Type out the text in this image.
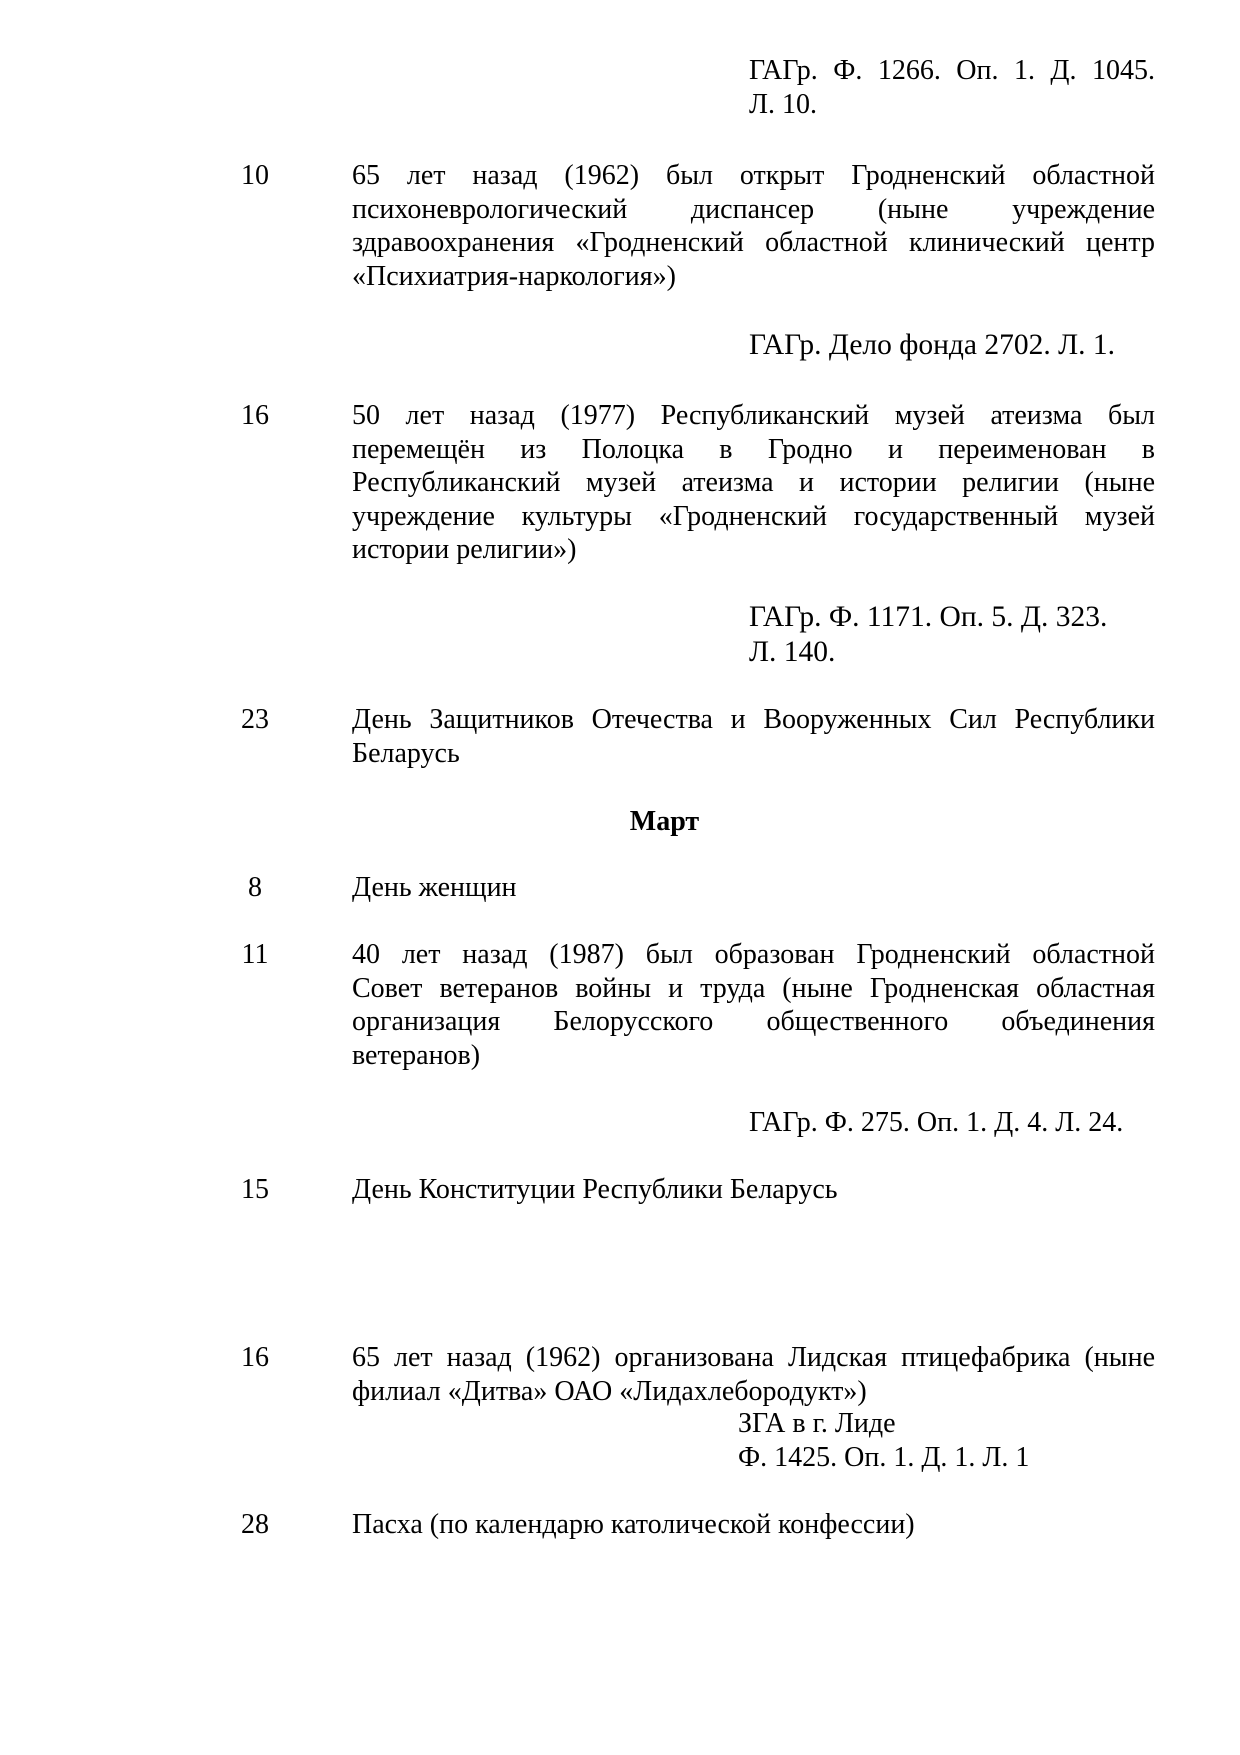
ГАГр. Ф. 1266. Оп. 1. Д. 1045.
Л. 10.
10	65 лет назад (1962) был открыт Гродненский областной
психоневрологический диспансер (ныне учреждение
здравоохранения «Гродненский областной клинический центр
«Психиатрия-наркология»)
ГАГр. Дело фонда 2702. Л. 1.
16	50 лет назад (1977) Республиканский музей атеизма был
перемещён из Полоцка в Гродно и переименован в
Республиканский музей атеизма и истории религии (ныне
учреждение культуры «Гродненский государственный музей
истории религии»)
ГАГр. Ф. 1171. Оп. 5. Д. 323.
Л. 140.
23	День Защитников Отечества и Вооруженных Сил Республики
Беларусь
Март
8	День женщин
11	40 лет назад (1987) был образован Гродненский областной
Совет ветеранов войны и труда (ныне Гродненская областная
организация Белорусского общественного объединения
ветеранов)
ГАГр. Ф. 275. Оп. 1. Д. 4. Л. 24.
15	День Конституции Республики Беларусь
16	65 лет назад (1962) организована Лидская птицефабрика (ныне
филиал «Дитва» ОАО «Лидахлебородукт»)
ЗГА в г. Лиде
Ф. 1425. Оп. 1. Д. 1. Л. 1
28	Пасха (по календарю католической конфессии)
